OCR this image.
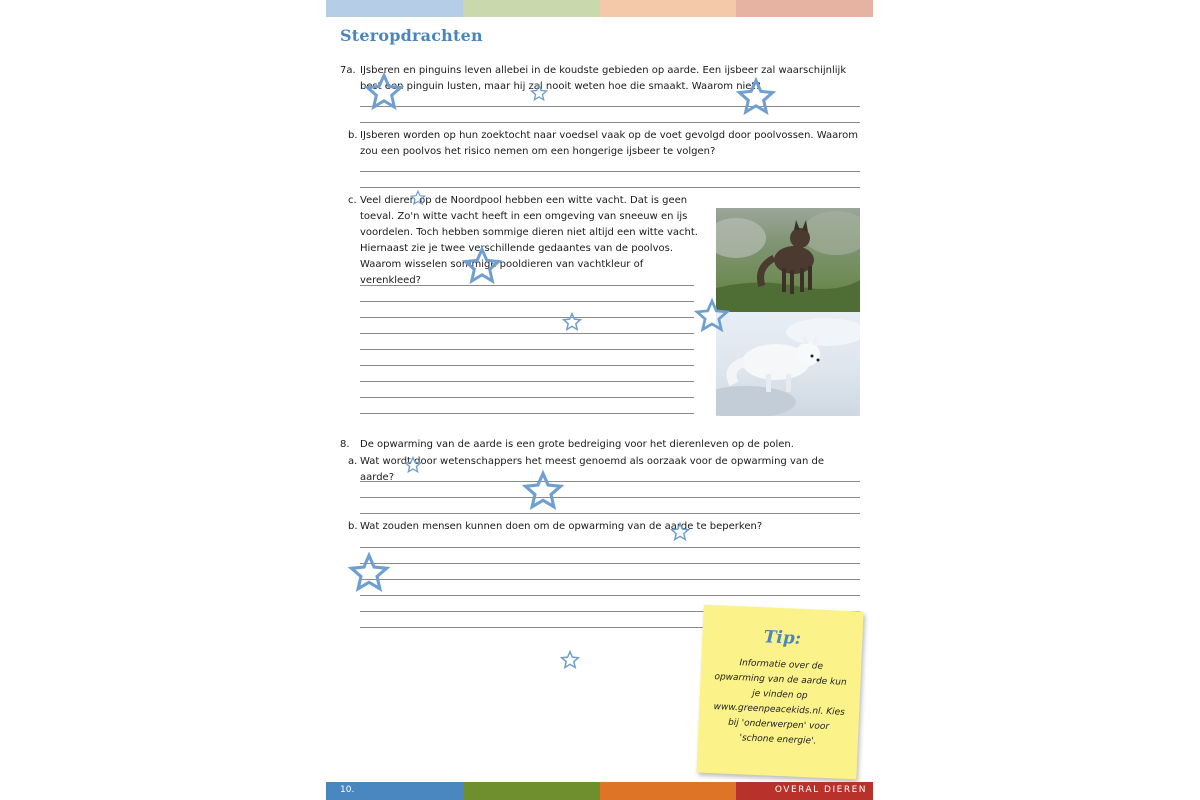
Steropdrachten
7a. IJsberen en pinguins leven allebei in de koudste gebieden op aarde. Een ijsbeer zal waarschijnlijk best een pinguin lusten, maar hij zal nooit weten hoe die smaakt. Waarom niet?
b. IJsberen worden op hun zoektocht naar voedsel vaak op de voet gevolgd door poolvossen. Waarom zou een poolvos het risico nemen om een hongerige ijsbeer te volgen?
c. Veel dieren op de Noordpool hebben een witte vacht. Dat is geen toeval. Zo'n witte vacht heeft in een omgeving van sneeuw en ijs voordelen. Toch hebben sommige dieren niet altijd een witte vacht. Hiernaast zie je twee verschillende gedaantes van de poolvos. Waarom wisselen sommige pooldieren van vachtkleur of verenkleed?
8. De opwarming van de aarde is een grote bedreiging voor het dierenleven op de polen.
a. Wat wordt door wetenschappers het meest genoemd als oorzaak voor de opwarming van de aarde?
b. Wat zouden mensen kunnen doen om de opwarming van de aarde te beperken?
Tip:
Informatie over de opwarming van de aarde kun je vinden op www.greenpeacekids.nl. Kies bij 'onderwerpen' voor 'schone energie'.
10.	OVERAL DIEREN
